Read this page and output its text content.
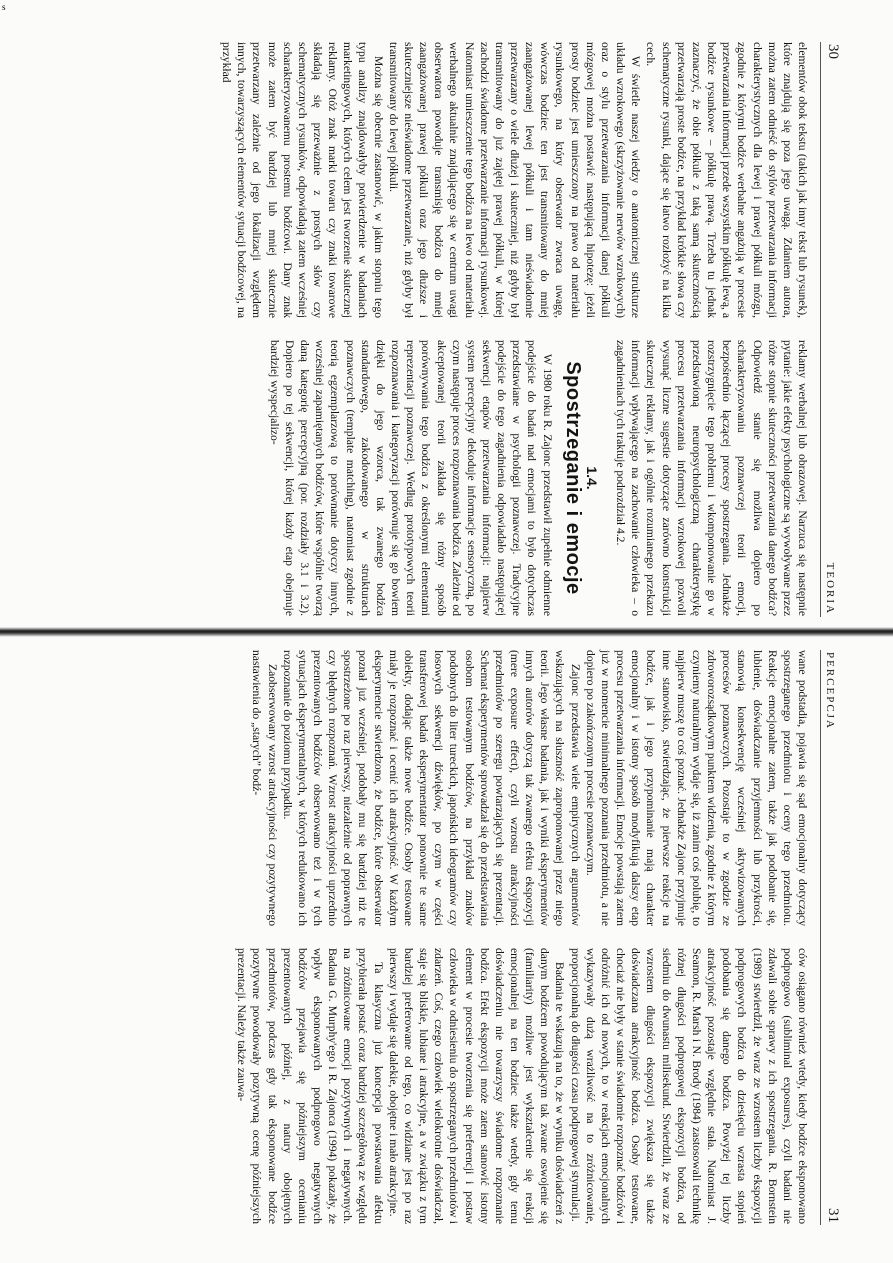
s
30
TEORIA

elementów obok tekstu (takich jak inny tekst lub rysunek), które znajdują się poza jego uwagą. Zdaniem autora, można zatem odnieść do stylów przetwarzania informacji charakterystycznych dla lewej i prawej półkuli mózgu, zgodnie z którymi bodźce werbalne angażują w procesie przetwarzania informacji przede wszystkim półkulę lewą, a bodźce rysunkowe – półkulę prawą. Trzeba tu jednak zaznaczyć, że obie półkule z taką samą skutecznością przetwarzają proste bodźce, na przykład krótkie słowa czy schematyczne rysunki, dające się łatwo rozłożyć na kilka cech.

W świetle naszej wiedzy o anatomicznej strukturze układu wzrokowego (skrzyżowanie nerwów wzrokowych) oraz o stylu przetwarzania informacji danej półkuli mózgowej można postawić następującą hipotezę: jeżeli prosty bodziec jest umieszczony na prawo od materiału rysunkowego, na który obserwator zwraca uwagę, wówczas bodziec ten jest transmitowany do mniej zaangażowanej lewej półkuli i tam nieświadomie przetwarzany o wiele dłużej i skuteczniej, niż gdyby był transmitowany do już zajętej prawej półkuli, w której zachodzi świadome przetwarzanie informacji rysunkowej. Natomiast umieszczenie tego bodźca na lewo od materiału werbalnego aktualnie znajdującego się w centrum uwagi obserwatora powoduje transmisję bodźca do mniej zaangażowanej prawej półkuli oraz jego dłuższe i skuteczniejsze nieświadome przetwarzanie, niż gdyby był transmitowany do lewej półkuli.

Można się obecnie zastanowić, w jakim stopniu tego typu analizy znajdowałyby potwierdzenie w badaniach marketingowych, których celem jest tworzenie skutecznej reklamy. Otóż znak marki towaru czy znaki towarowe składają się przeważnie z prostych słów czy schematycznych rysunków, odpowiadają zatem wcześniej scharakteryzowanemu prostemu bodźcowi. Dany znak może zatem być bardziej lub mniej skutecznie przetwarzany zależnie od jego lokalizacji względem innych, towarzyszących elementów sytuacji bodźcowej, na przykład

reklamy werbalnej lub obrazowej. Narzuca się następnie pytanie: jakie efekty psychologiczne są wywoływane przez różne stopnie skuteczności przetwarzania danego bodźca? Odpowiedź stanie się możliwa dopiero po scharakteryzowaniu poznawczej teorii emocji, bezpośrednio łączącej procesy spostrzegania. Jednakże rozstrzygnięcie tego problemu i wkomponowanie go w przedstawioną neuropsychologiczną charakterystykę procesu przetwarzania informacji wzrokowej pozwoli wysunąć liczne sugestie dotyczące zarówno konstrukcji skutecznej reklamy, jak i ogólnie rozumianego przekazu informacji wpływającego na zachowanie człowieka – o zagadnieniach tych traktuje podrozdział 4.2.

1.4.
Spostrzeganie i emocje

W 1980 roku R. Zajonc przedstawił zupełnie odmienne podejście do badań nad emocjami to było dotychczas przedstawiane w psychologii poznawczej. Tradycyjne podejście do tego zagadnienia odpowiadało następującej sekwencji etapów przetwarzania informacji: najpierw system percepcyjny dekoduje informacje sensoryczną, po czym następuje proces rozpoznawania bodźca. Zależnie od akceptowanej teorii zakłada się różny sposób porównywania tego bodźca z określonymi elementami reprezentacji poznawczej. Według prototypowych teorii rozpoznawania i kategoryzacji porównuje się go bowiem dzięki do jego wzorca, tak zwanego bodźca standardowego, zakodowanego w strukturach poznawczych (template matching), natomiast zgodnie z teorią egzemplarzową to porównanie dotyczy innych, wcześniej zapamiętanych bodźców, które wspólnie tworzą daną kategorię percepcyjną (por. rozdziały 3.1 i 3.2). Dopiero po tej sekwencji, której każdy etap obejmuje bardziej wyspecjalizo-

PERCEPCJA
31

wane podstadia, pojawia się sąd emocjonalny dotyczący spostrzeganego przedmiotu i oceny tego przedmiotu. Reakcje emocjonalne zatem, także jak podobanie się, lubienie, doświadczanie przyjemności lub przykrości, stanowią konsekwencję wcześniej aktywizowanych procesów poznawczych. Pozostaje to w zgodzie ze zdroworozsądkowym punktem widzenia, zgodnie z którym czyniemy naturalnym wydaje się, iż zanim coś polubię, to najpierw muszę to coś poznać. Jednakże Zajonc przyjmuje inne stanowisko, stwierdzając, że pierwsze reakcje na bodźce, jak i jego przypominanie mają charakter emocjonalny i w istotny sposób modyfikują dalszy etap procesu przetwarzania informacji. Emocje powstają zatem już w momencie minimalnego poznania przedmiotu, a nie dopiero po zakończonym procesie poznawczym.

Zajonc przedstawia wiele empirycznych argumentów wskazujących na słuszność zaproponowanej przez niego teorii. Jego własne badania, jak i wyniki eksperymentów innych autorów dotyczą tak zwanego efektu ekspozycji (mere exposure effect), czyli wzrostu atrakcyjności przedmiotów po szeregu powtarzających się prezentacji. Schemat eksperymentów sprowadzał się do przedstawiania osobom testowanym bodźców, na przykład znaków podobnych do liter tureckich, japońskich ideogramów czy losowych sekwencji dźwięków, po czym w części transferowej badań eksperymentator ponownie te same obiekty, dodając także nowe bodźce. Osoby testowane miały je rozpoznać i ocenić ich atrakcyjność. W każdym eksperymencie stwierdzono, że bodźce, które obserwator poznał już wcześniej, podobały mu się bardziej niż te spostrzeżone po raz pierwszy, niezależnie od poprawnych czy błędnych rozpoznań. Wzrost atrakcyjności uprzednio prezentowanych bodźców obserwowano też i w tych sytuacjach eksperymentalnych, w których redukowano ich rozpoznanie do poziomu przypadku.

Zaobserwowany wzrost atrakcyjności czy pozytywnego nastawienia do „starych” bodź-

ców osiągano również wtedy, kiedy bodźce eksponowano podprogowo (subliminal exposures), czyli badani nie zdawali sobie sprawy z ich spostrzegania. R. Bornstein (1989) stwierdził, że wraz ze wzrostem liczby ekspozycji podprogowych bodźca do dziesięciu wzrasta stopień podobania się danego bodźca. Powyżej tej liczby atrakcyjność pozostaje względnie stała. Natomiast J. Seamon, R. Marsh i N. Brody (1984) zastosowali technikę różnej długości podprogowej ekspozycji bodźca, od siedmiu do dwunastu milisekund. Stwierdzili, że wraz ze wzrostem długości ekspozycji zwiększa się także doświadczana atrakcyjność bodźca. Osoby testowane, chociaż nie były w stanie świadomie rozpoznać bodźców i odróżnić ich od nowych, to w reakcjach emocjonalnych wykazywały dużą wrażliwość na to zróżnicowanie, proporcjonalną do długości czasu podprogowej stymulacji.

Badania te wskazują na to, że w wyniku doświadczeń z danym bodźcem powodującym tak zwane oswojenie się (familiarity) możliwe jest wykształcenie się reakcji emocjonalnej na ten bodziec także wtedy, gdy temu doświadczeniu nie towarzyszy świadome rozpoznanie bodźca. Efekt ekspozycji może zatem stanowić istotny element w procesie tworzenia się preferencji i postaw człowieka w odniesieniu do spostrzeganych przedmiotów i zdarzeń. Coś, czego człowiek wielokrotnie doświadczał, staje się bliskie, lubiane i atrakcyjne, a w związku z tym bardziej preferowane od tego, co widziane jest po raz pierwszy i wydaje się dalekie, obojętne i mało atrakcyjne.

Ta klasyczna już koncepcja powstawania afektu przybierała postać coraz bardziej szczegółową ze względu na zróżnicowane emocji pozytywnych i negatywnych. Badania G. Murphy'ego i R. Zajonca (1994) pokazały, że wpływ eksponowanych podprogowo negatywnych bodźców przejawia się późniejszym ocenianiu prezentowanych później, z natury obojętnych przedmiotów, podczas gdy tak eksponowane bodźce pozytywne powodowały pozytywną ocenę późniejszych prezentacji. Należy także zauwa-
